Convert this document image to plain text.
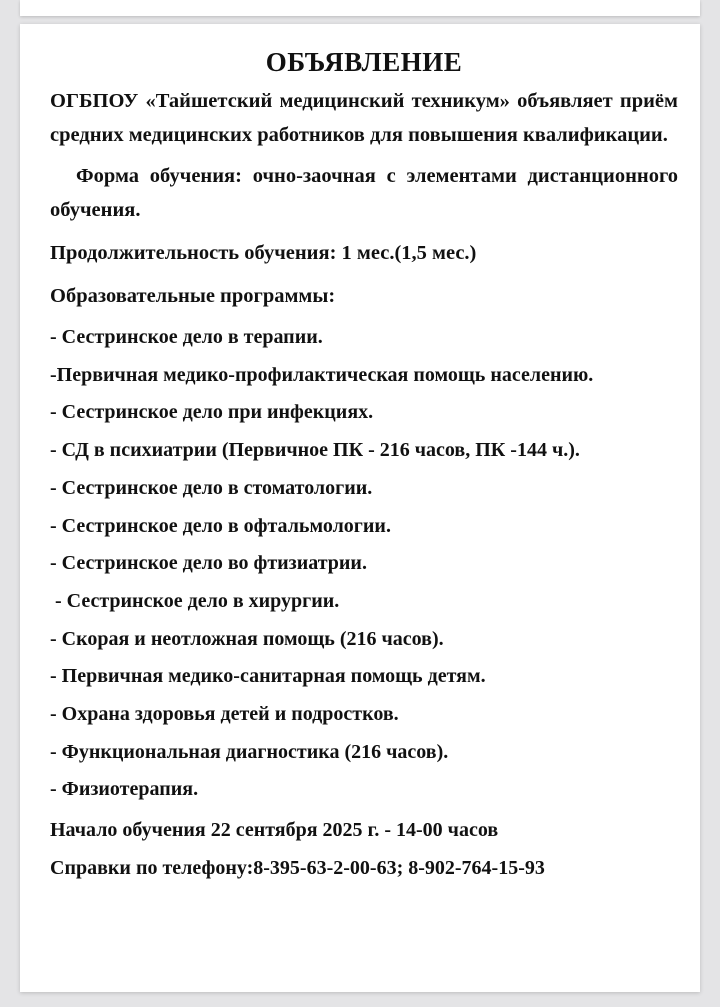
ОБЪЯВЛЕНИЕ

ОГБПОУ «Тайшетский медицинский техникум» объявляет приём средних медицинских работников для повышения квалификации.

Форма обучения: очно-заочная с элементами дистанционного обучения.

Продолжительность обучения: 1 мес.(1,5 мес.)

Образовательные программы:

- Сестринское дело в терапии.
-Первичная медико-профилактическая помощь населению.
- Сестринское дело при инфекциях.
- СД в психиатрии (Первичное ПК - 216 часов, ПК -144 ч.).
- Сестринское дело в стоматологии.
- Сестринское дело в офтальмологии.
- Сестринское дело во фтизиатрии.
- Сестринское дело в хирургии.
- Скорая и неотложная помощь (216 часов).
- Первичная медико-санитарная помощь детям.
- Охрана здоровья детей и подростков.
- Функциональная диагностика (216 часов).
- Физиотерапия.

Начало обучения 22 сентября 2025 г. - 14-00 часов

Справки по телефону:8-395-63-2-00-63; 8-902-764-15-93
